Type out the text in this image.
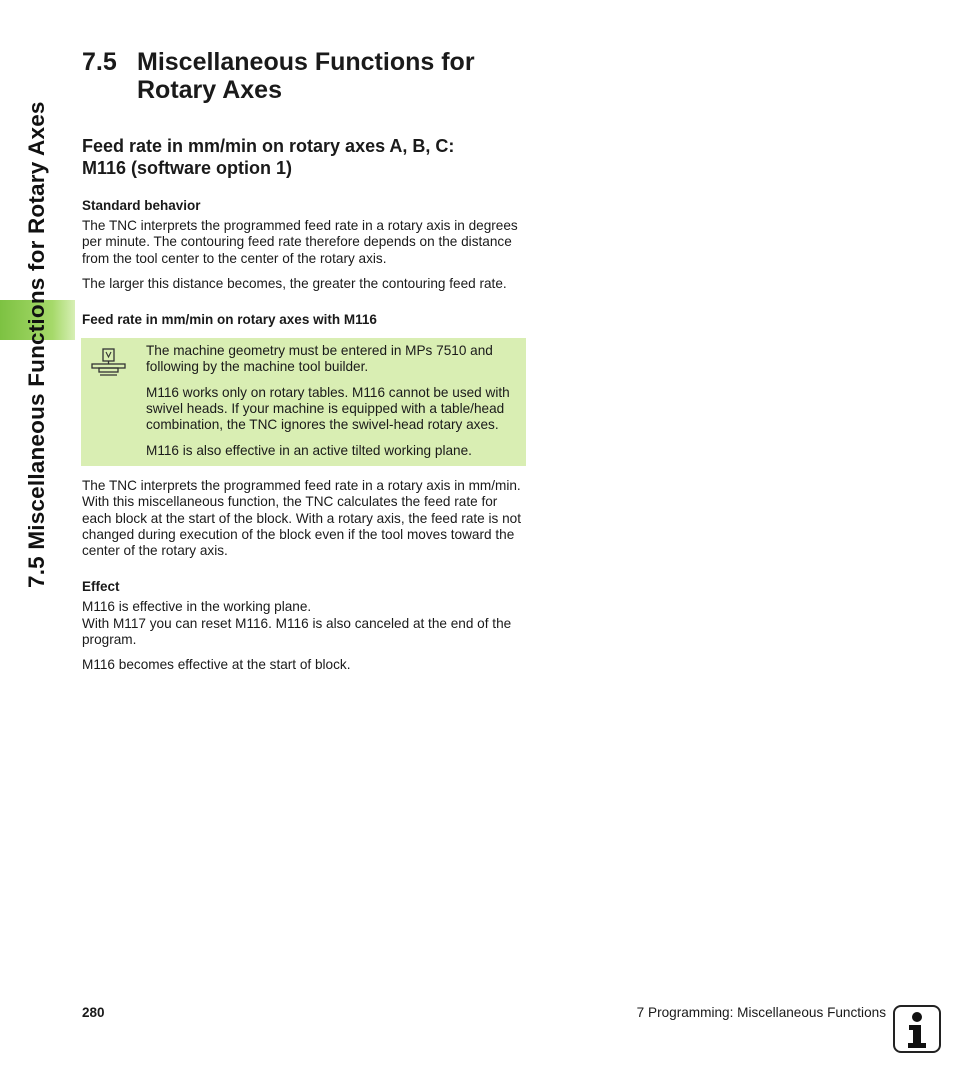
7.5 Miscellaneous Functions for Rotary Axes
7.5 Miscellaneous Functions for
Rotary Axes
Feed rate in mm/min on rotary axes A, B, C:
M116 (software option 1)
Standard behavior

The TNC interprets the programmed feed rate in a rotary axis in degrees per minute. The contouring feed rate therefore depends on the distance from the tool center to the center of the rotary axis.

The larger this distance becomes, the greater the contouring feed rate.

Feed rate in mm/min on rotary axes with M116

The machine geometry must be entered in MPs 7510 and following by the machine tool builder.

M116 works only on rotary tables. M116 cannot be used with swivel heads. If your machine is equipped with a table/head combination, the TNC ignores the swivel-head rotary axes.

M116 is also effective in an active tilted working plane.

The TNC interprets the programmed feed rate in a rotary axis in mm/min. With this miscellaneous function, the TNC calculates the feed rate for each block at the start of the block. With a rotary axis, the feed rate is not changed during execution of the block even if the tool moves toward the center of the rotary axis.

Effect

M116 is effective in the working plane.
With M117 you can reset M116. M116 is also canceled at the end of the program.

M116 becomes effective at the start of block.

280	7 Programming: Miscellaneous Functions
